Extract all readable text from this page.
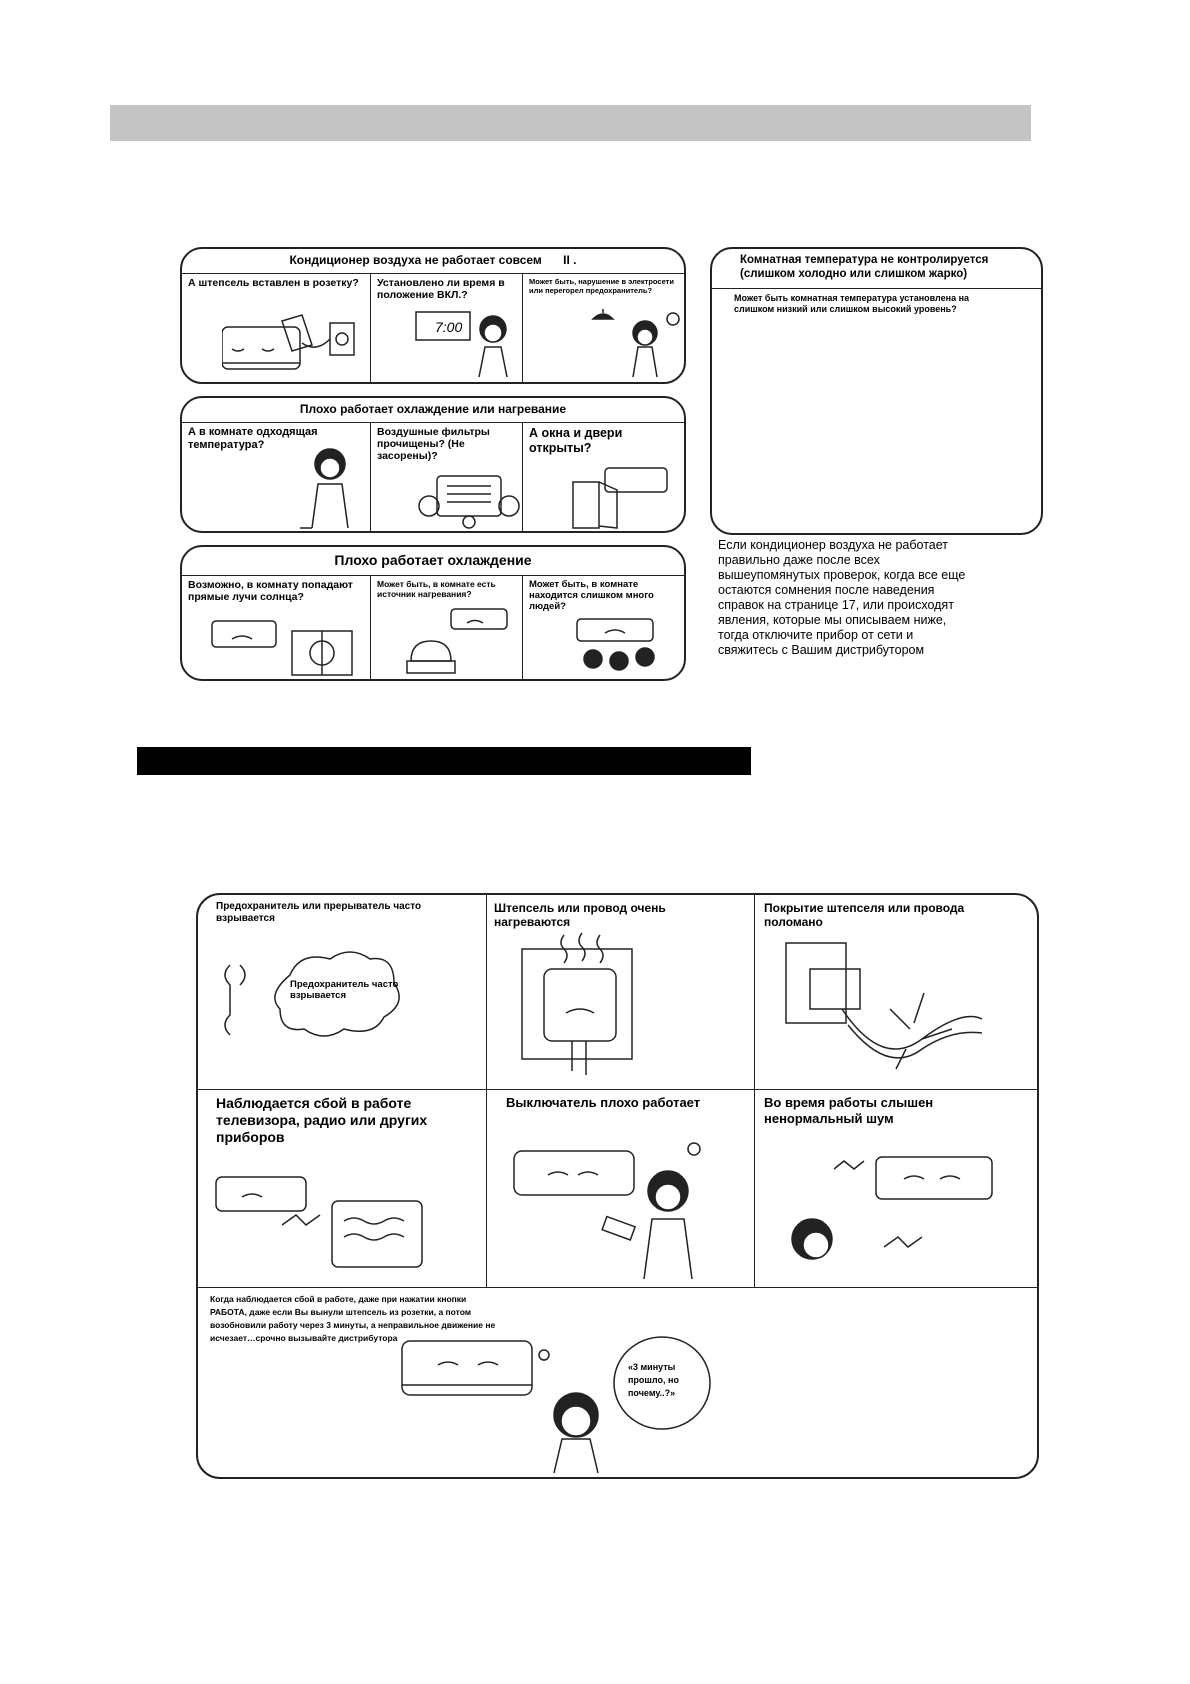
Кондиционер воздуха не работает совсем II .
А штепсель вставлен в розетку?	Установлено ли время в положение ВКЛ.?
7:00
Может быть, нарушение в электросети или перегорел предохранитель?
Плохо работает охлаждение или нагревание
А в комнате одходящая температура?
Воздушные фильтры прочищены? (Не засорены)?
А окна и двери открыты?
Плохо работает охлаждение
Возможно, в комнату попадают прямые лучи солнца?
Может быть, в комнате есть источник нагревания?
Может быть, в комнате находится слишком много людей?
Комнатная температура не контролируется
(слишком холодно или слишком жарко)
Может быть комнатная температура установлена на слишком низкий или слишком высокий уровень?
Если кондиционер воздуха не работает
правильно даже после всех
вышеупомянутых проверок, когда все еще
остаются сомнения после наведения
справок на странице 17, или происходят
явления, которые мы описываем ниже,
тогда отключите прибор от сети и
свяжитесь с Вашим дистрибутором
Предохранитель или прерыватель часто взрывается
Предохранитель часто взрывается
Штепсель или провод очень нагреваются
Покрытие штепселя или провода поломано
Наблюдается сбой в работе телевизора, радио или других приборов
Выключатель плохо работает	Во время работы слышен ненормальный шум
Когда наблюдается сбой в работе, даже при нажатии кнопки РАБОТА, даже если Вы вынули штепсель из розетки, а потом возобновили работу через 3 минуты, а неправильное движение не исчезает…срочно вызывайте дистрибутора
«3 минуты прошло, но почему..?»
